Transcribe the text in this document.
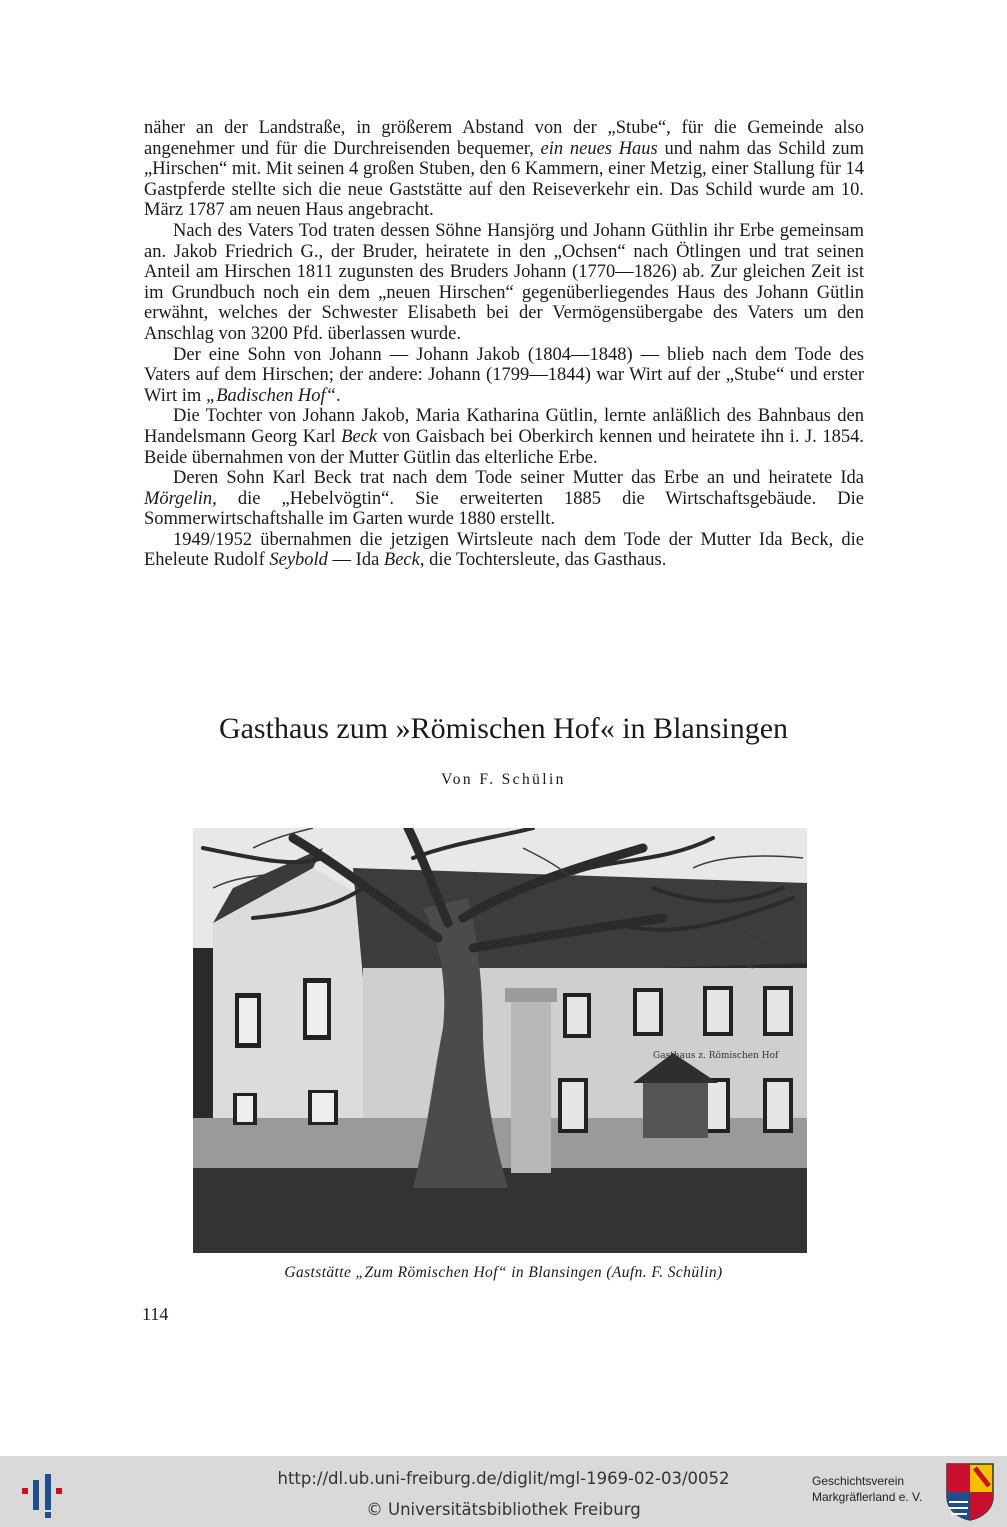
näher an der Landstraße, in größerem Abstand von der „Stube“, für die Gemeinde also angenehmer und für die Durchreisenden bequemer, ein neues Haus und nahm das Schild zum „Hirschen“ mit. Mit seinen 4 großen Stuben, den 6 Kammern, einer Metzig, einer Stallung für 14 Gastpferde stellte sich die neue Gaststätte auf den Reiseverkehr ein. Das Schild wurde am 10. März 1787 am neuen Haus angebracht.

Nach des Vaters Tod traten dessen Söhne Hansjörg und Johann Güthlin ihr Erbe gemeinsam an. Jakob Friedrich G., der Bruder, heiratete in den „Ochsen“ nach Ötlingen und trat seinen Anteil am Hirschen 1811 zugunsten des Bruders Johann (1770—1826) ab. Zur gleichen Zeit ist im Grundbuch noch ein dem „neuen Hirschen“ gegenüberliegendes Haus des Johann Gütlin erwähnt, welches der Schwester Elisabeth bei der Vermögensübergabe des Vaters um den Anschlag von 3200 Pfd. überlassen wurde.

Der eine Sohn von Johann — Johann Jakob (1804—1848) — blieb nach dem Tode des Vaters auf dem Hirschen; der andere: Johann (1799—1844) war Wirt auf der „Stube“ und erster Wirt im „Badischen Hof“.

Die Tochter von Johann Jakob, Maria Katharina Gütlin, lernte anläßlich des Bahnbaus den Handelsmann Georg Karl Beck von Gaisbach bei Oberkirch kennen und heiratete ihn i. J. 1854. Beide übernahmen von der Mutter Gütlin das elterliche Erbe.

Deren Sohn Karl Beck trat nach dem Tode seiner Mutter das Erbe an und heiratete Ida Mörgelin, die „Hebelvögtin“. Sie erweiterten 1885 die Wirtschaftsgebäude. Die Sommerwirtschaftshalle im Garten wurde 1880 erstellt.

1949/1952 übernahmen die jetzigen Wirtsleute nach dem Tode der Mutter Ida Beck, die Eheleute Rudolf Seybold — Ida Beck, die Tochtersleute, das Gasthaus.

Gasthaus zum »Römischen Hof« in Blansingen
Von F. Schülin
Gasthaus z. Römischen Hof
Gaststätte „Zum Römischen Hof“ in Blansingen (Aufn. F. Schülin)
114
http://dl.ub.uni-freiburg.de/diglit/mgl-1969-02-03/0052
© Universitätsbibliothek Freiburg
Geschichtsverein
Markgräflerland e. V.
